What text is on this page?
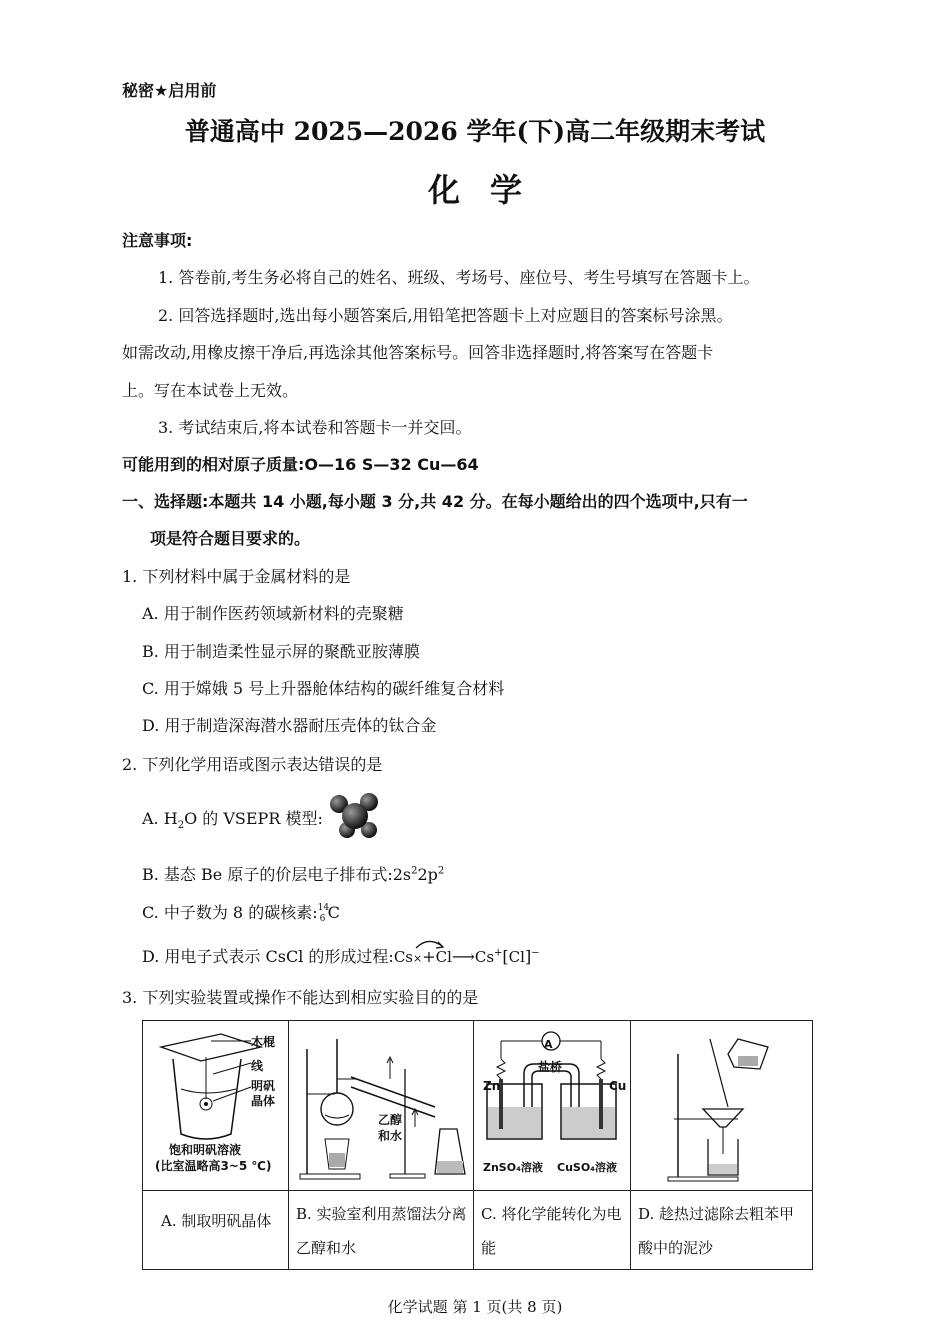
秘密★启用前
普通高中 2025—2026 学年(下)高二年级期末考试
化学
注意事项:
1. 答卷前,考生务必将自己的姓名、班级、考场号、座位号、考生号填写在答题卡上。
2. 回答选择题时,选出每小题答案后,用铅笔把答题卡上对应题目的答案标号涂黑。
如需改动,用橡皮擦干净后,再选涂其他答案标号。回答非选择题时,将答案写在答题卡
上。写在本试卷上无效。
3. 考试结束后,将本试卷和答题卡一并交回。
可能用到的相对原子质量:O—16 S—32 Cu—64
一、选择题:本题共 14 小题,每小题 3 分,共 42 分。在每小题给出的四个选项中,只有一
项是符合题目要求的。
1. 下列材料中属于金属材料的是
A. 用于制作医药领域新材料的壳聚糖
B. 用于制造柔性显示屏的聚酰亚胺薄膜
C. 用于嫦娥 5 号上升器舱体结构的碳纤维复合材料
D. 用于制造深海潜水器耐压壳体的钛合金
2. 下列化学用语或图示表达错误的是
A. $H_2O$ 的 VSEPR 模型:
B. 基态 Be 原子的价层电子排布式$:2s^22p^2$
C. 中子数为 8 的碳核素: 14
6 C
D. 用电子式表示 CsCl 的形成过程:Cs×+Cl⟶Cs+[Cl]−
3. 下列实验装置或操作不能达到相应实验目的的是
木棍
线
明矾
晶体
饱和明矾溶液
(比室温略高3~5 ℃)
乙醇
和水
A
盐桥
Zn	Cu
ZnSO₄溶液 CuSO₄溶液
A. 制取明矾晶体 B. 实验室利用蒸馏法分离乙醇和水
C. 将化学能转化为电能
D. 趁热过滤除去粗苯甲酸中的泥沙
化学试题 第 1 页(共 8 页)
